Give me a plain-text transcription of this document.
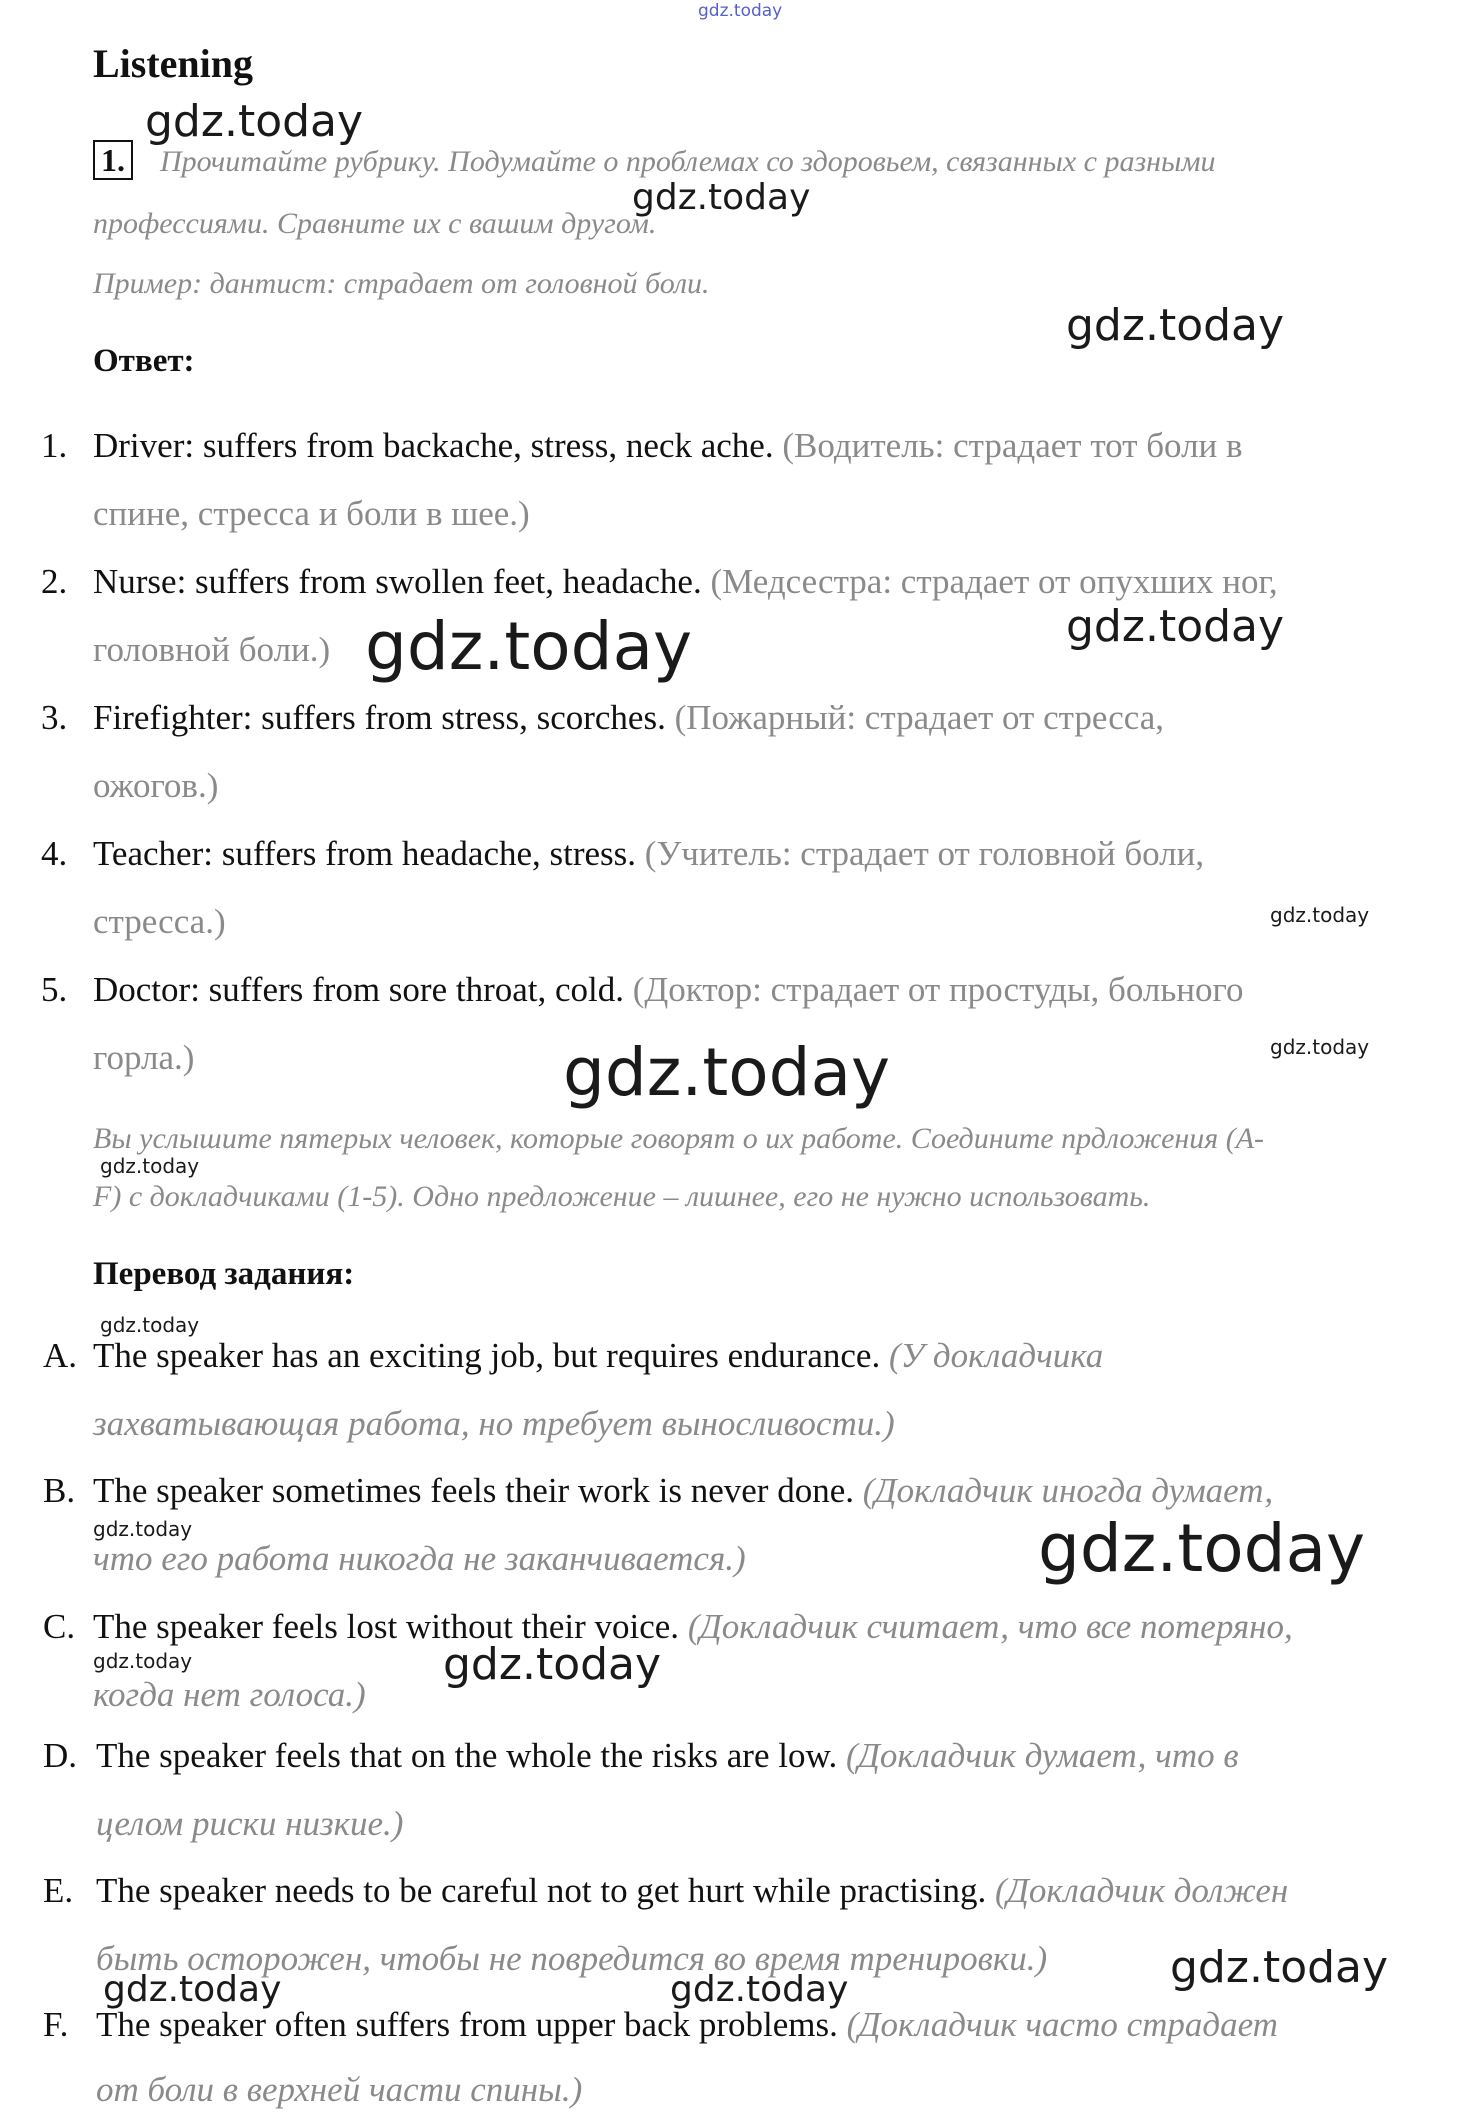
gdz.today
gdz.today
gdz.today
gdz.today
gdz.today	gdz.today
gdz.today
gdz.today	gdz.today
gdz.today
gdz.today
gdz.today	gdz.today
gdz.today	gdz.today
gdz.today
gdz.today	gdz.today
Listening
1. Прочитайте рубрику. Подумайте о проблемах со здоровьем, связанных с разными
профессиями. Сравните их с вашим другом.
Пример: дантист: страдает от головной боли.
Ответ:
1. Driver: suffers from backache, stress, neck ache. (Водитель: страдает тот боли в
спине, стресса и боли в шее.)
2. Nurse: suffers from swollen feet, headache. (Медсестра: страдает от опухших ног,
головной боли.)
3. Firefighter: suffers from stress, scorches. (Пожарный: страдает от стресса,
ожогов.)
4. Teacher: suffers from headache, stress. (Учитель: страдает от головной боли,
стресса.)
5. Doctor: suffers from sore throat, cold. (Доктор: страдает от простуды, больного
горла.)
Вы услышите пятерых человек, которые говорят о их работе. Соедините прдложения (А-
F) с докладчиками (1-5). Одно предложение – лишнее, его не нужно использовать.
Перевод задания:
A. The speaker has an exciting job, but requires endurance. (У докладчика
захватывающая работа, но требует выносливости.)
B. The speaker sometimes feels their work is never done. (Докладчик иногда думает,
что его работа никогда не заканчивается.)
C. The speaker feels lost without their voice. (Докладчик считает, что все потеряно,
когда нет голоса.)
D. The speaker feels that on the whole the risks are low. (Докладчик думает, что в
целом риски низкие.)
E. The speaker needs to be careful not to get hurt while practising. (Докладчик должен
быть осторожен, чтобы не повредится во время тренировки.)
F. The speaker often suffers from upper back problems. (Докладчик часто страдает
от боли в верхней части спины.)
